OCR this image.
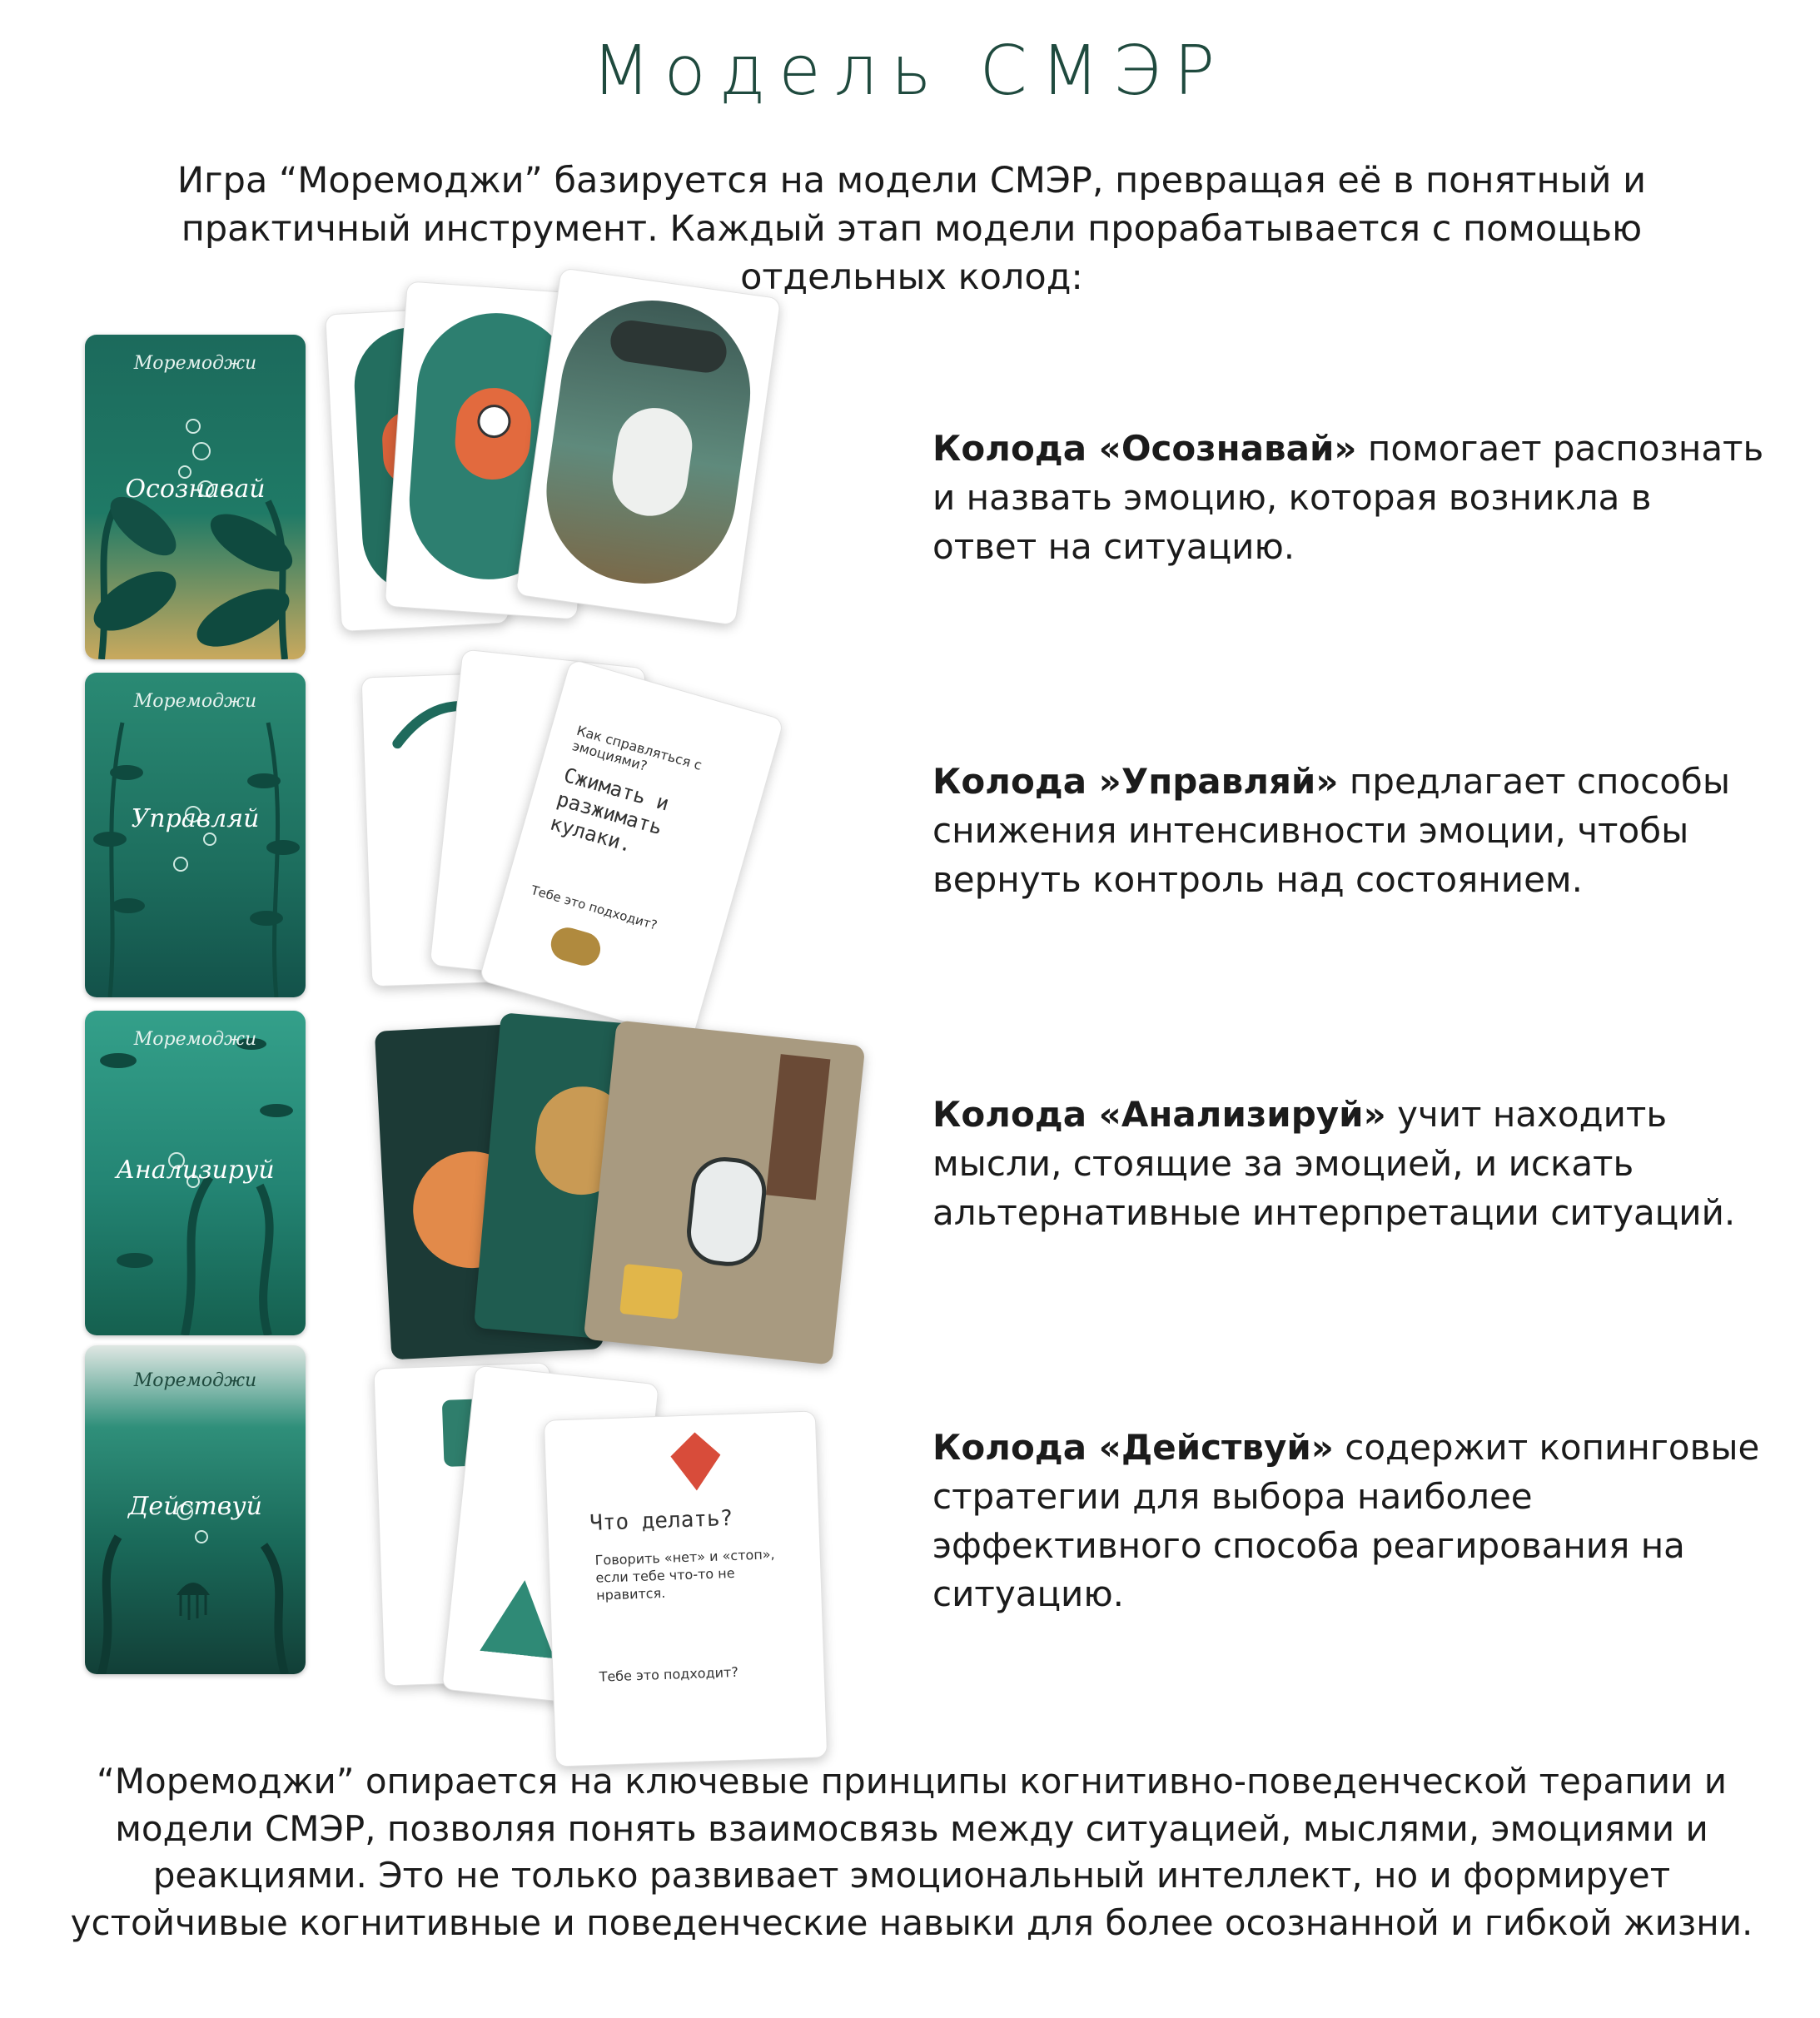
Модель СМЭР
Игра “Моремоджи” базируется на модели СМЭР, превращая её в понятный и практичный инструмент. Каждый этап модели прорабатывается с помощью отдельных колод:
Моремоджи
Осознавай
Колода «Осознавай» помогает распознать и назвать эмоцию, которая возникла в ответ на ситуацию.
Моремоджи
Управляй
Как справляться с эмоциями?
Сжимать и разжимать кулаки.
Тебе это подходит?
Колода »Управляй» предлагает способы снижения интенсивности эмоции, чтобы вернуть контроль над состоянием.
Моремоджи
Анализируй
Колода «Анализируй» учит находить мысли, стоящие за эмоцией, и искать альтернативные интерпретации ситуаций.
Моремоджи
Действуй	Что делать?
Говорить «нет» и «стоп», если тебе что-то не нравится.
Тебе это подходит?
Колода «Действуй» содержит копинговые стратегии для выбора наиболее эффективного способа реагирования на ситуацию.
“Моремоджи” опирается на ключевые принципы когнитивно-поведенческой терапии и модели СМЭР, позволяя понять взаимосвязь между ситуацией, мыслями, эмоциями и реакциями. Это не только развивает эмоциональный интеллект, но и формирует устойчивые когнитивные и поведенческие навыки для более осознанной и гибкой жизни.
